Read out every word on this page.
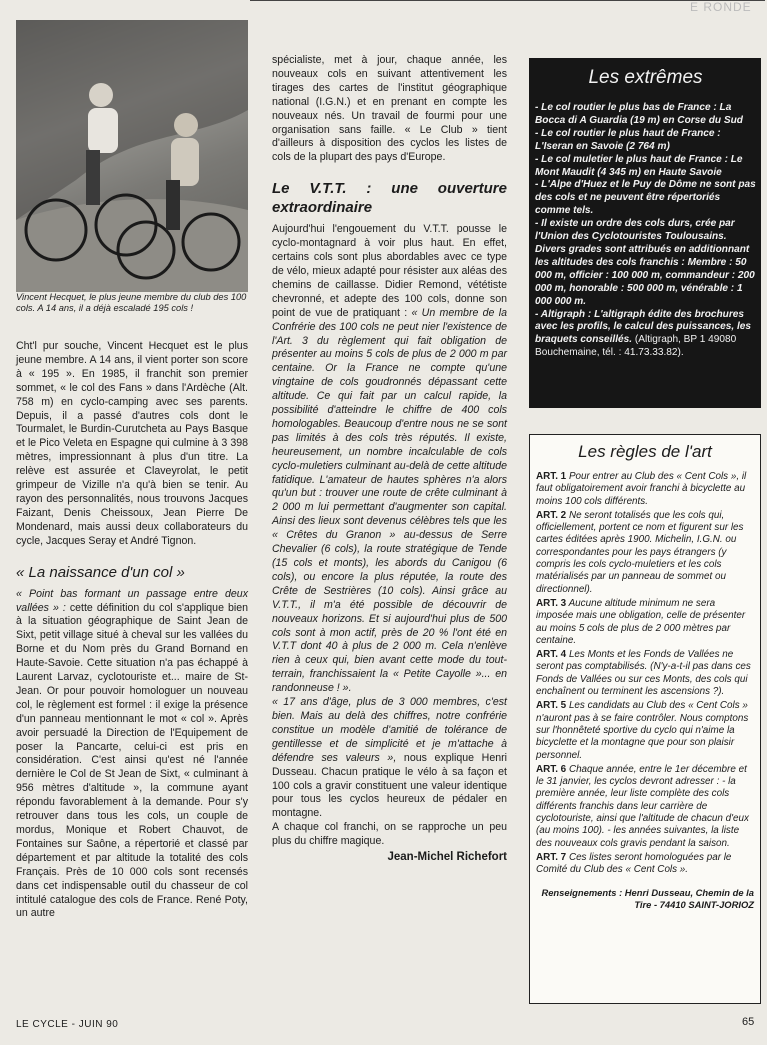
E RONDE

Vincent Hecquet, le plus jeune membre du club des 100 cols. A 14 ans, il a déjà escaladé 195 cols !

Cht'l pur souche, Vincent Hecquet est le plus jeune membre. A 14 ans, il vient porter son score à « 195 ». En 1985, il franchit son premier sommet, « le col des Fans » dans l'Ardèche (Alt. 758 m) en cyclo-camping avec ses parents. Depuis, il a passé d'autres cols dont le Tourmalet, le Burdin-Curutcheta au Pays Basque et le Pico Veleta en Espagne qui culmine à 3 398 mètres, impressionnant à plus d'un titre. La relève est assurée et Claveyrolat, le petit grimpeur de Vizille n'a qu'à bien se tenir. Au rayon des personnalités, nous trouvons Jacques Faizant, Denis Cheissoux, Jean Pierre De Mondenard, mais aussi deux collaborateurs du cycle, Jacques Seray et André Tignon.

« La naissance d'un col »

« Point bas formant un passage entre deux vallées » : cette définition du col s'applique bien à la situation géographique de Saint Jean de Sixt, petit village situé à cheval sur les vallées du Borne et du Nom près du Grand Bornand en Haute-Savoie. Cette situation n'a pas échappé à Laurent Larvaz, cyclotouriste et... maire de St-Jean. Or pour pouvoir homologuer un nouveau col, le règlement est formel : il exige la présence d'un panneau mentionnant le mot « col ». Après avoir persuadé la Direction de l'Equipement de poser la Pancarte, celui-ci est pris en considération. C'est ainsi qu'est né l'année dernière le Col de St Jean de Sixt, « culminant à 956 mètres d'altitude », la commune ayant répondu favorablement à la demande. Pour s'y retrouver dans tous les cols, un couple de mordus, Monique et Robert Chauvot, de Fontaines sur Saône, a répertorié et classé par département et par altitude la totalité des cols Français. Près de 10 000 cols sont recensés dans cet indispensable outil du chasseur de col intitulé catalogue des cols de France. René Poty, un autre

spécialiste, met à jour, chaque année, les nouveaux cols en suivant attentivement les tirages des cartes de l'institut géographique national (I.G.N.) et en prenant en compte les nouveaux nés. Un travail de fourmi pour une organisation sans faille. « Le Club » tient d'ailleurs à disposition des cyclos les listes de cols de la plupart des pays d'Europe.

Le V.T.T. : une ouverture extraordinaire

Aujourd'hui l'engouement du V.T.T. pousse le cyclo-montagnard à voir plus haut. En effet, certains cols sont plus abordables avec ce type de vélo, mieux adapté pour résister aux aléas des chemins de caillasse. Didier Remond, vététiste chevronné, et adepte des 100 cols, donne son point de vue de pratiquant : « Un membre de la Confrérie des 100 cols ne peut nier l'existence de l'Art. 3 du règlement qui fait obligation de présenter au moins 5 cols de plus de 2 000 m par centaine. Or la France ne compte qu'une vingtaine de cols goudronnés dépassant cette altitude. Ce qui fait par un calcul rapide, la possibilité d'atteindre le chiffre de 400 cols homologables. Beaucoup d'entre nous ne se sont pas limités à des cols très réputés. Il existe, heureusement, un nombre incalculable de cols cyclo-muletiers culminant au-delà de cette altitude fatidique. L'amateur de hautes sphères n'a alors qu'un but : trouver une route de crête culminant à 2 000 m lui permettant d'augmenter son capital. Ainsi des lieux sont devenus célèbres tels que les « Crêtes du Granon » au-dessus de Serre Chevalier (6 cols), la route stratégique de Tende (15 cols et monts), les abords du Canigou (6 cols), ou encore la plus réputée, la route des Crête de Sestrières (10 cols). Ainsi grâce au V.T.T., il m'a été possible de découvrir de nouveaux horizons. Et si aujourd'hui plus de 500 cols sont à mon actif, près de 20 % l'ont été en V.T.T dont 40 à plus de 2 000 m. Cela n'enlève rien à ceux qui, bien avant cette mode du tout-terrain, franchissaient la « Petite Cayolle »... en randonneuse ! ».

« 17 ans d'âge, plus de 3 000 membres, c'est bien. Mais au delà des chiffres, notre confrérie constitue un modèle d'amitié de tolérance de gentillesse et de simplicité et je m'attache à défendre ses valeurs », nous explique Henri Dusseau. Chacun pratique le vélo à sa façon et 100 cols a gravir constituent une valeur identique pour tous les cyclos heureux de pédaler en montagne.

A chaque col franchi, on se rapproche un peu plus du chiffre magique.

Jean-Michel Richefort

Les extrêmes
- Le col routier le plus bas de France : La Bocca di A Guardia (19 m) en Corse du Sud
- Le col routier le plus haut de France : L'Iseran en Savoie (2 764 m)
- Le col muletier le plus haut de France : Le Mont Maudit (4 345 m) en Haute Savoie
- L'Alpe d'Huez et le Puy de Dôme ne sont pas des cols et ne peuvent être répertoriés comme tels.
- Il existe un ordre des cols durs, crée par l'Union des Cyclotouristes Toulousains. Divers grades sont attribués en additionnant les altitudes des cols franchis : Membre : 50 000 m, officier : 100 000 m, commandeur : 200 000 m, honorable : 500 000 m, vénérable : 1 000 000 m.
- Altigraph : L'altigraph édite des brochures avec les profils, le calcul des puissances, les braquets conseillés. (Altigraph, BP 1 49080 Bouchemaine, tél. : 41.73.33.82).
Les règles de l'art

ART. 1 Pour entrer au Club des « Cent Cols », il faut obligatoirement avoir franchi à bicyclette au moins 100 cols différents.

ART. 2 Ne seront totalisés que les cols qui, officiellement, portent ce nom et figurent sur les cartes éditées après 1900. Michelin, I.G.N. ou correspondantes pour les pays étrangers (y compris les cols cyclo-muletiers et les cols matérialisés par un panneau de sommet ou directionnel).

ART. 3 Aucune altitude minimum ne sera imposée mais une obligation, celle de présenter au moins 5 cols de plus de 2 000 mètres par centaine.

ART. 4 Les Monts et les Fonds de Vallées ne seront pas comptabilisés. (N'y-a-t-il pas dans ces Fonds de Vallées ou sur ces Monts, des cols qui enchaînent ou terminent les ascensions ?).

ART. 5 Les candidats au Club des « Cent Cols » n'auront pas à se faire contrôler. Nous comptons sur l'honnêteté sportive du cyclo qui n'aime la bicyclette et la montagne que pour son plaisir personnel.

ART. 6 Chaque année, entre le 1er décembre et le 31 janvier, les cyclos devront adresser : - la première année, leur liste complète des cols différents franchis dans leur carrière de cyclotouriste, ainsi que l'altitude de chacun d'eux (au moins 100). - les années suivantes, la liste des nouveaux cols gravis pendant la saison.

ART. 7 Ces listes seront homologuées par le Comité du Club des « Cent Cols ».

Renseignements : Henri Dusseau, Chemin de la Tire - 74410 SAINT-JORIOZ
LE CYCLE - JUIN 90	65
